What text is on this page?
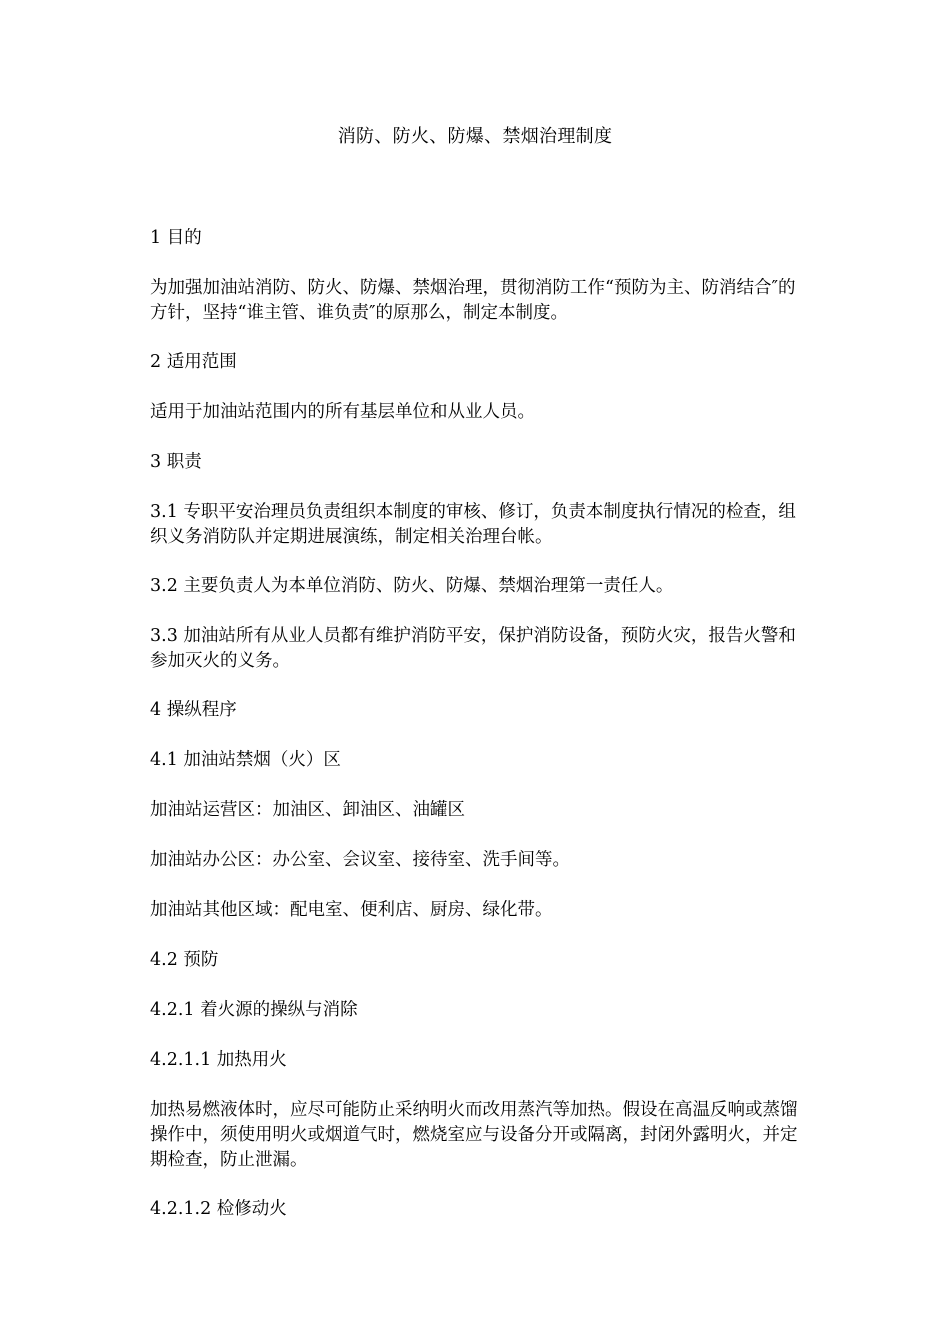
消防、防火、防爆、禁烟治理制度

1 目的

为加强加油站消防、防火、防爆、禁烟治理，贯彻消防工作“预防为主、防消结合″的方针，坚持“谁主管、谁负责″的原那么，制定本制度。

2 适用范围

适用于加油站范围内的所有基层单位和从业人员。

3 职责

3.1 专职平安治理员负责组织本制度的审核、修订，负责本制度执行情况的检查，组织义务消防队并定期进展演练，制定相关治理台帐。

3.2 主要负责人为本单位消防、防火、防爆、禁烟治理第一责任人。

3.3 加油站所有从业人员都有维护消防平安，保护消防设备，预防火灾，报告火警和参加灭火的义务。

4 操纵程序

4.1 加油站禁烟（火）区

加油站运营区：加油区、卸油区、油罐区

加油站办公区：办公室、会议室、接待室、洗手间等。

加油站其他区域：配电室、便利店、厨房、绿化带。

4.2 预防

4.2.1 着火源的操纵与消除

4.2.1.1 加热用火

加热易燃液体时，应尽可能防止采纳明火而改用蒸汽等加热。假设在高温反响或蒸馏操作中，须使用明火或烟道气时，燃烧室应与设备分开或隔离，封闭外露明火，并定期检查，防止泄漏。

4.2.1.2 检修动火
